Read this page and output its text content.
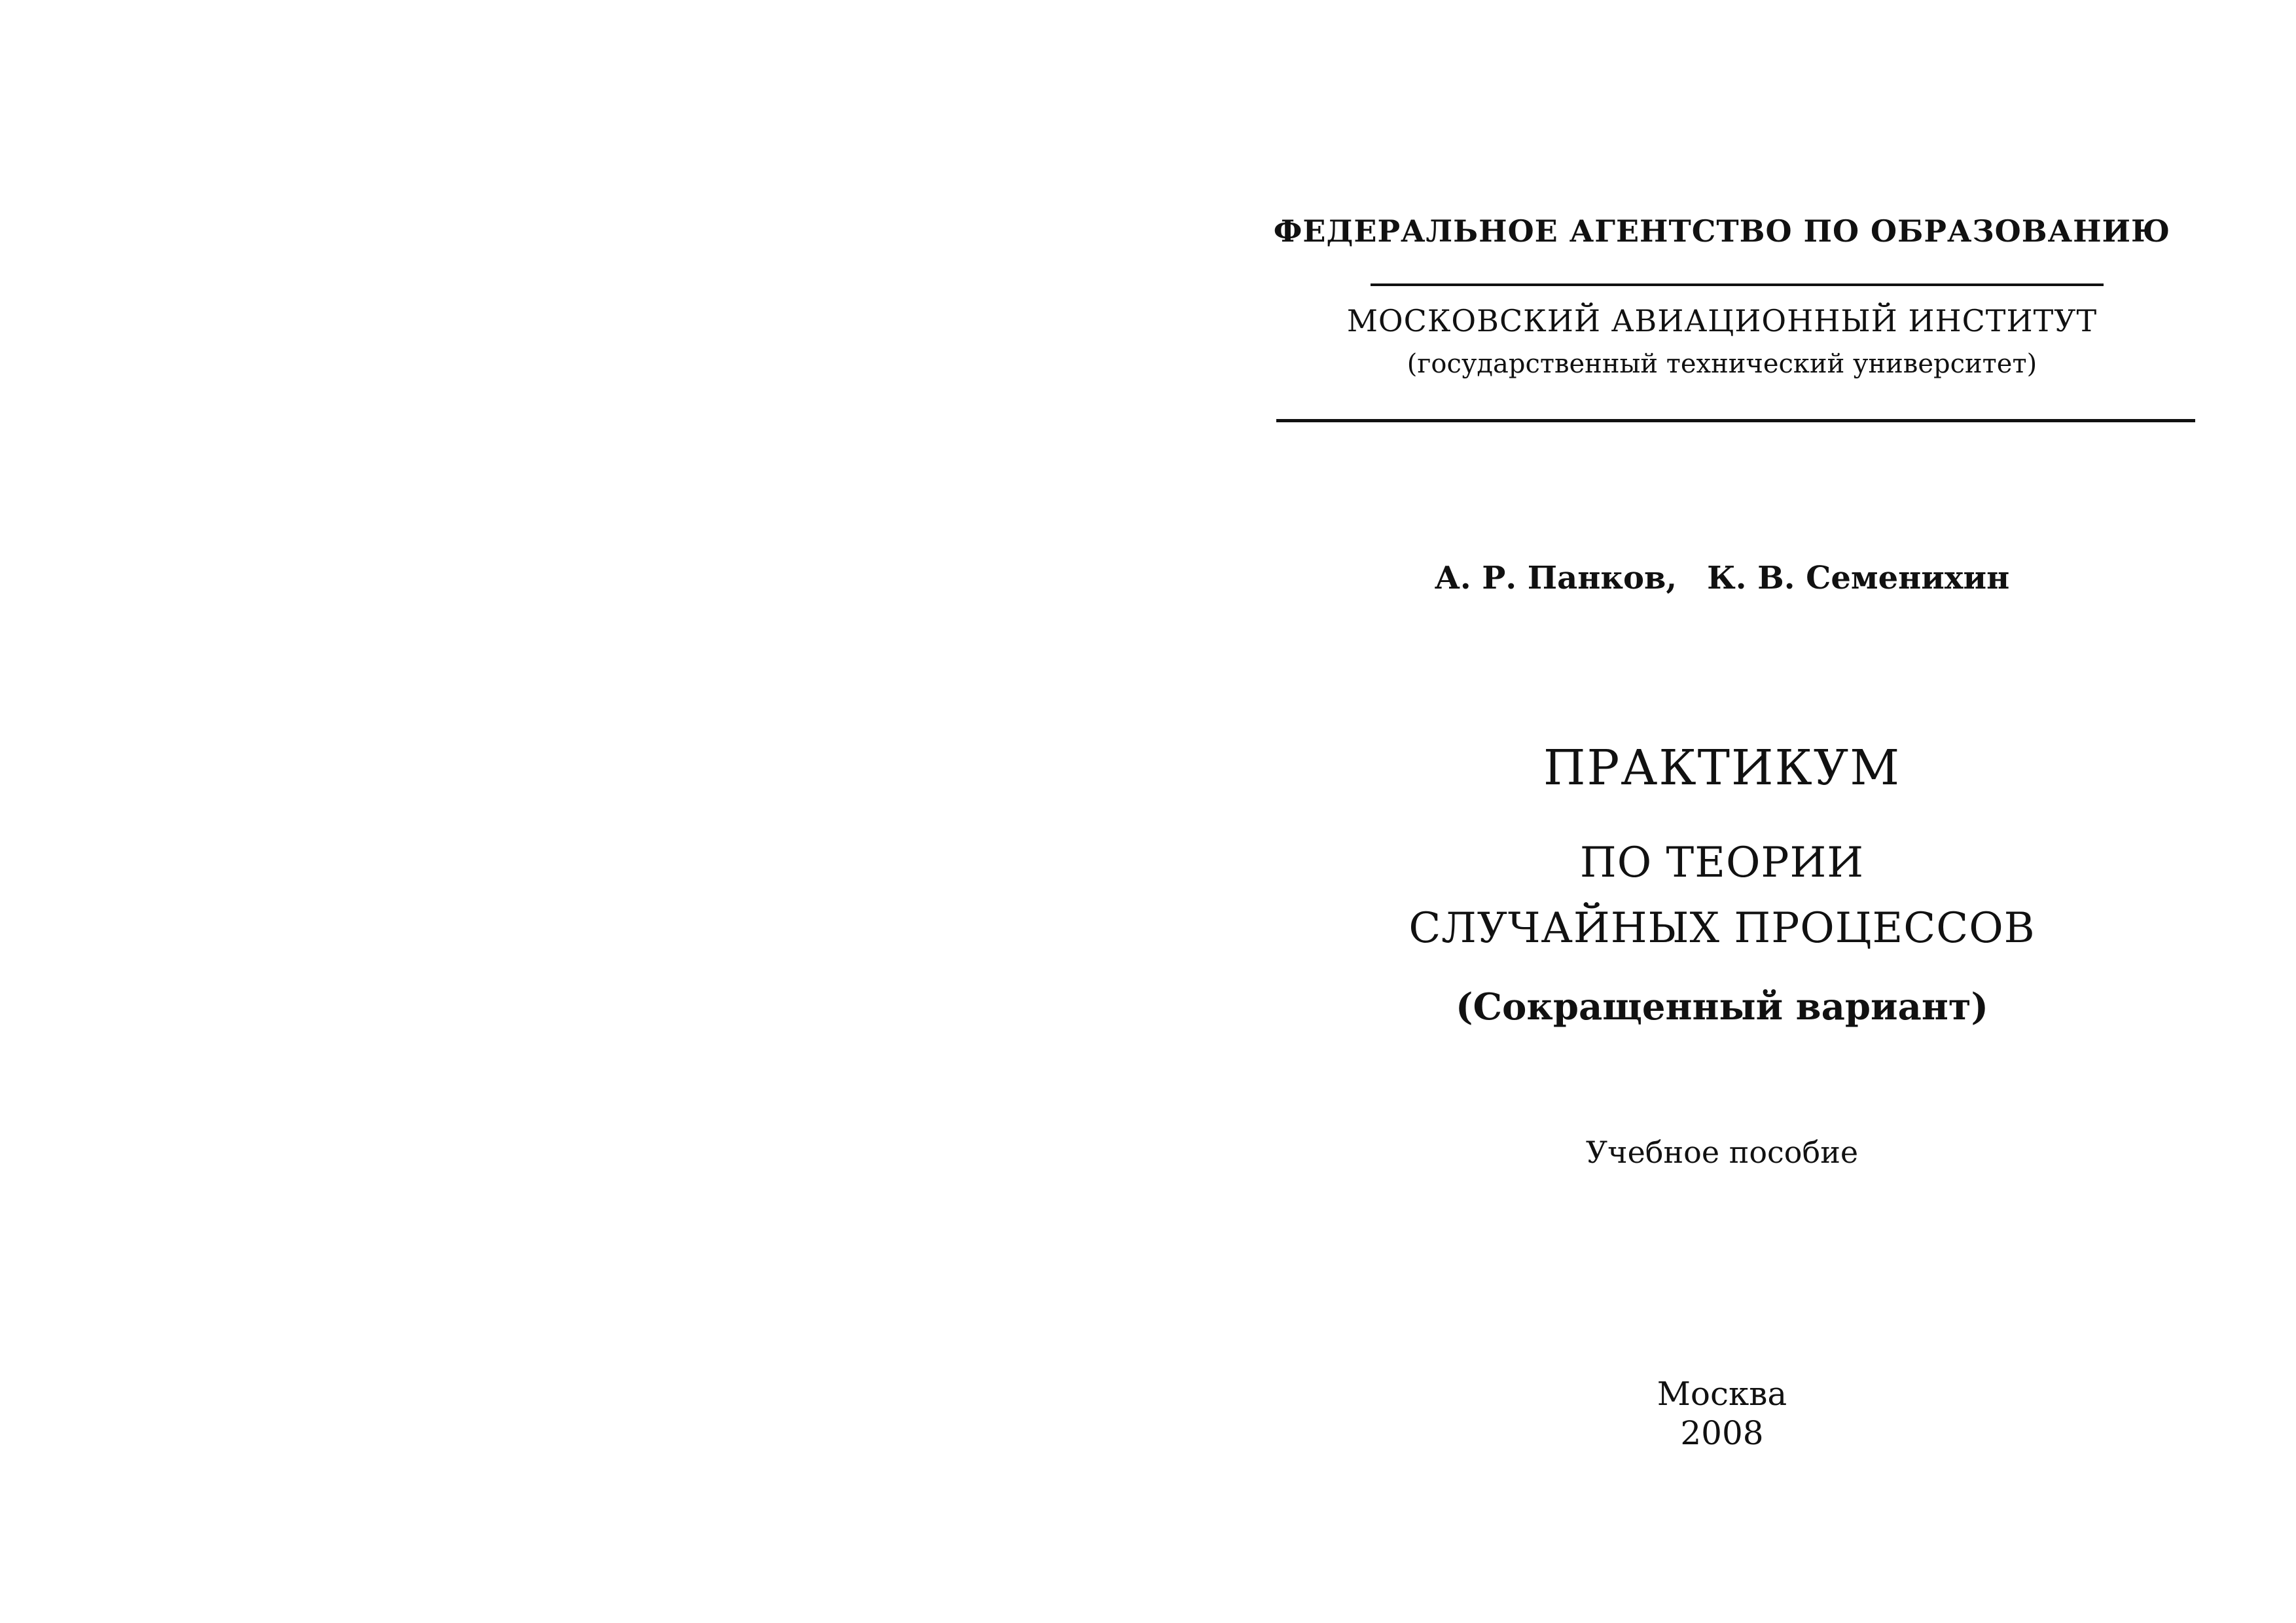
ФЕДЕРАЛЬНОЕ АГЕНТСТВО ПО ОБРАЗОВАНИЮ
МОСКОВСКИЙ АВИАЦИОННЫЙ ИНСТИТУТ
(государственный технический университет)
А. Р. Панков, К. В. Семенихин
ПРАКТИКУМ
ПО ТЕОРИИ
СЛУЧАЙНЫХ ПРОЦЕССОВ
(Сокращенный вариант)
Учебное пособие
Москва
2008
